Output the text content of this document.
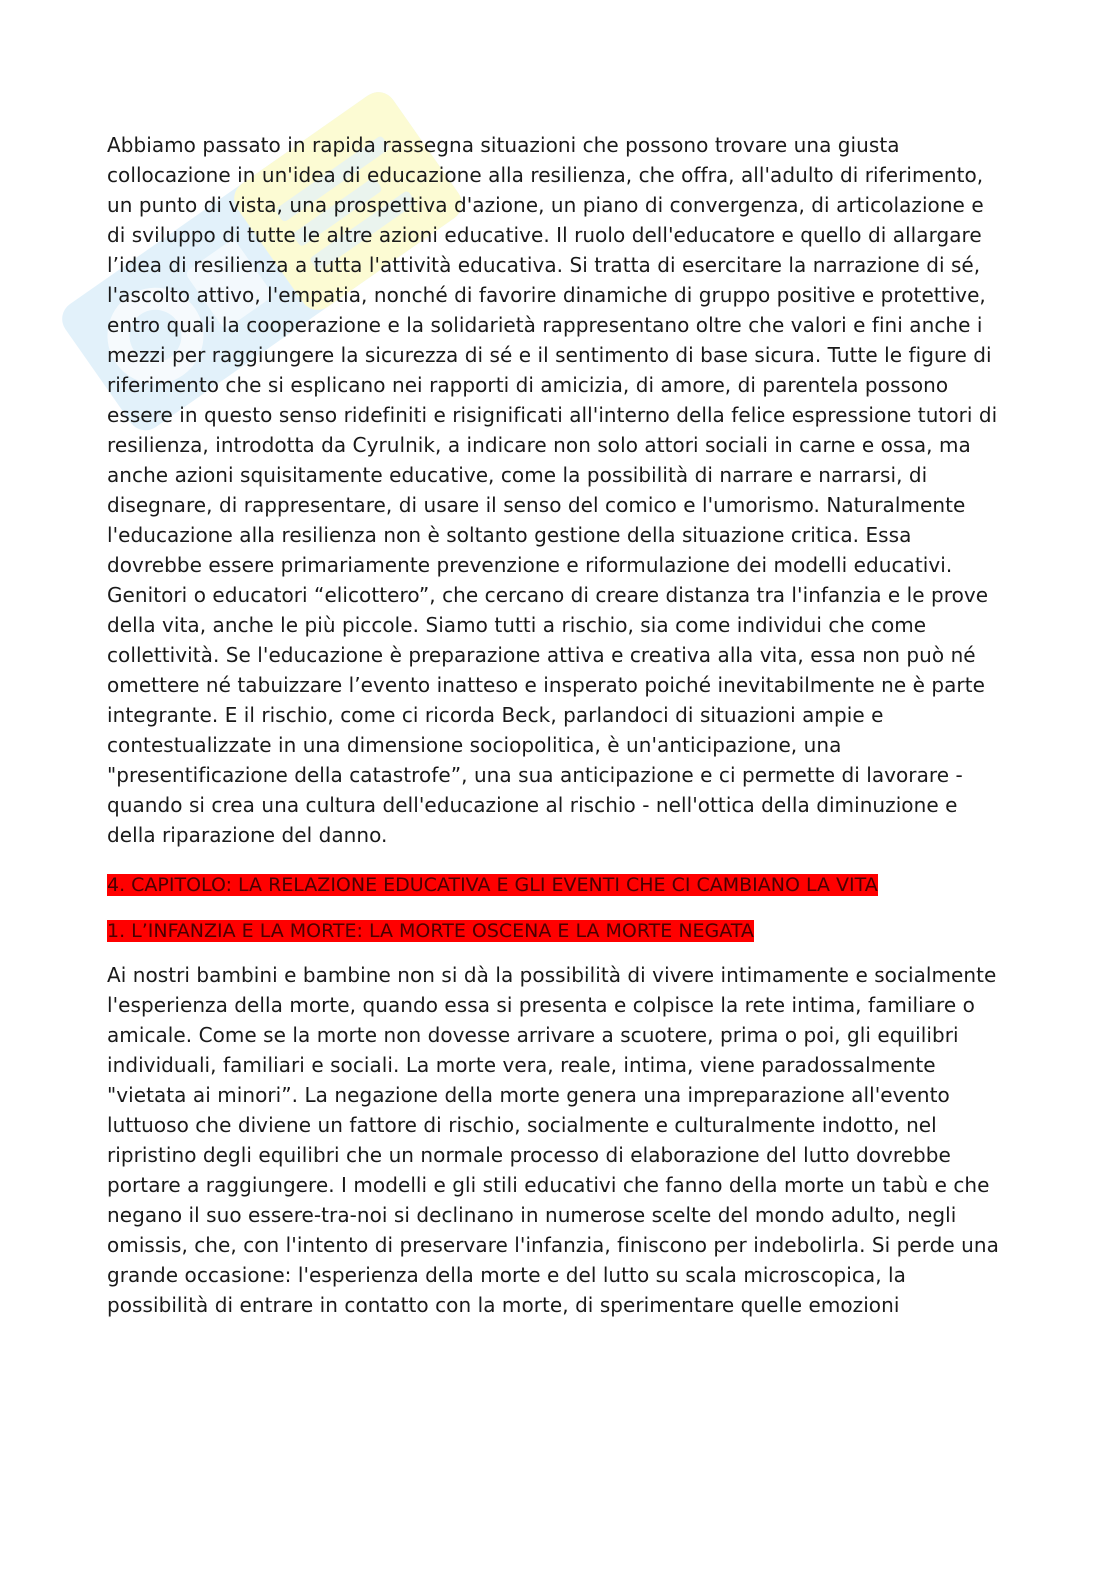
Abbiamo passato in rapida rassegna situazioni che possono trovare una giusta collocazione in un'idea di educazione alla resilienza, che offra, all'adulto di riferimento, un punto di vista, una prospettiva d'azione, un piano di convergenza, di articolazione e di sviluppo di tutte le altre azioni educative. Il ruolo dell'educatore e quello di allargare l’idea di resilienza a tutta l'attività educativa. Si tratta di esercitare la narrazione di sé, l'ascolto attivo, l'empatia, nonché di favorire dinamiche di gruppo positive e protettive, entro quali la cooperazione e la solidarietà rappresentano oltre che valori e fini anche i mezzi per raggiungere la sicurezza di sé e il sentimento di base sicura. Tutte le figure di riferimento che si esplicano nei rapporti di amicizia, di amore, di parentela possono essere in questo senso ridefiniti e risignificati all'interno della felice espressione tutori di resilienza, introdotta da Cyrulnik, a indicare non solo attori sociali in carne e ossa, ma anche azioni squisitamente educative, come la possibilità di narrare e narrarsi, di disegnare, di rappresentare, di usare il senso del comico e l'umorismo. Naturalmente l'educazione alla resilienza non è soltanto gestione della situazione critica. Essa dovrebbe essere primariamente prevenzione e riformulazione dei modelli educativi. Genitori o educatori “elicottero”, che cercano di creare distanza tra l'infanzia e le prove della vita, anche le più piccole. Siamo tutti a rischio, sia come individui che come collettività. Se l'educazione è preparazione attiva e creativa alla vita, essa non può né omettere né tabuizzare l’evento inatteso e insperato poiché inevitabilmente ne è parte integrante. E il rischio, come ci ricorda Beck, parlandoci di situazioni ampie e contestualizzate in una dimensione sociopolitica, è un'anticipazione, una "presentificazione della catastrofe”, una sua anticipazione e ci permette di lavorare - quando si crea una cultura dell'educazione al rischio - nell'ottica della diminuzione e della riparazione del danno.

4. CAPITOLO: LA RELAZIONE EDUCATIVA E GLI EVENTI CHE CI CAMBIANO LA VITA

1. L’INFANZIA E LA MORTE: LA MORTE OSCENA E LA MORTE NEGATA

Ai nostri bambini e bambine non si dà la possibilità di vivere intimamente e socialmente l'esperienza della morte, quando essa si presenta e colpisce la rete intima, familiare o amicale. Come se la morte non dovesse arrivare a scuotere, prima o poi, gli equilibri individuali, familiari e sociali. La morte vera, reale, intima, viene paradossalmente "vietata ai minori”. La negazione della morte genera una impreparazione all'evento luttuoso che diviene un fattore di rischio, socialmente e culturalmente indotto, nel ripristino degli equilibri che un normale processo di elaborazione del lutto dovrebbe portare a raggiungere. I modelli e gli stili educativi che fanno della morte un tabù e che negano il suo essere-tra-noi si declinano in numerose scelte del mondo adulto, negli omissis, che, con l'intento di preservare l'infanzia, finiscono per indebolirla. Si perde una grande occasione: l'esperienza della morte e del lutto su scala microscopica, la possibilità di entrare in contatto con la morte, di sperimentare quelle emozioni
